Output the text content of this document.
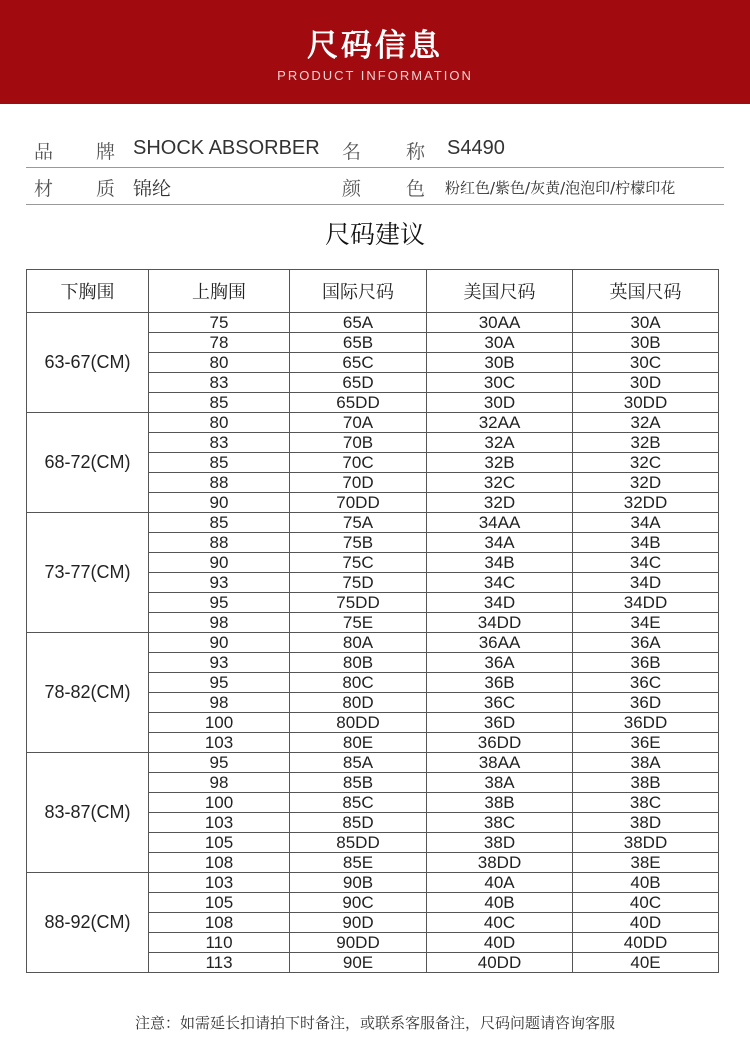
尺码信息
PRODUCT INFORMATION
品 牌 SHOCK ABSORBER 名 称 S4490
材 质 锦纶	颜 色 粉红色/紫色/灰黄/泡泡印/柠檬印花
尺码建议
下胸围	上胸围	国际尺码	美国尺码	英国尺码
63-67(CM)	75	65A	30AA	30A
	78	65B	30A	30B
	80	65C	30B	30C
	83	65D	30C	30D
	85	65DD	30D	30DD
68-72(CM)	80	70A	32AA	32A
	83	70B	32A	32B
	85	70C	32B	32C
	88	70D	32C	32D
	90	70DD	32D	32DD
73-77(CM)	85	75A	34AA	34A
	88	75B	34A	34B
	90	75C	34B	34C
	93	75D	34C	34D
	95	75DD	34D	34DD
	98	75E	34DD	34E
78-82(CM)	90	80A	36AA	36A
	93	80B	36A	36B
	95	80C	36B	36C
	98	80D	36C	36D
	100	80DD	36D	36DD
	103	80E	36DD	36E
83-87(CM)	95	85A	38AA	38A
	98	85B	38A	38B
	100	85C	38B	38C
	103	85D	38C	38D
	105	85DD	38D	38DD
	108	85E	38DD	38E
88-92(CM)	103	90B	40A	40B
	105	90C	40B	40C
	108	90D	40C	40D
	110	90DD	40D	40DD
	113	90E	40DD	40E
注意：如需延长扣请拍下时备注，或联系客服备注，尺码问题请咨询客服
